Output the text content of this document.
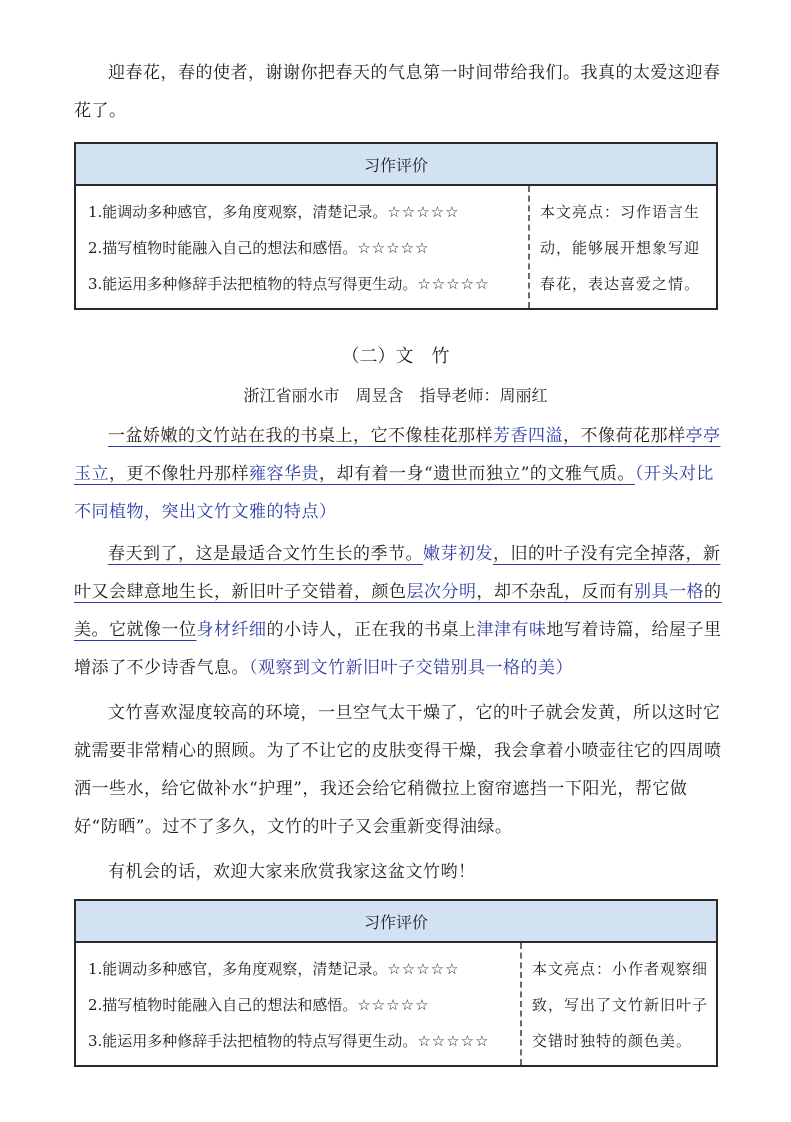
迎春花，春的使者，谢谢你把春天的气息第一时间带给我们。我真的太爱这迎春花了。

习作评价
1.能调动多种感官，多角度观察，清楚记录。☆☆☆☆☆
2.描写植物时能融入自己的想法和感悟。☆☆☆☆☆
3.能运用多种修辞手法把植物的特点写得更生动。☆☆☆☆☆
本文亮点：习作语言生动，能够展开想象写迎春花，表达喜爱之情。
（二）文　竹
浙江省丽水市　周昱含　指导老师：周丽红

一盆娇嫩的文竹站在我的书桌上，它不像桂花那样芳香四溢，不像荷花那样亭亭玉立，更不像牡丹那样雍容华贵，却有着一身“遗世而独立”的文雅气质。（开头对比不同植物，突出文竹文雅的特点）

春天到了，这是最适合文竹生长的季节。嫩芽初发，旧的叶子没有完全掉落，新叶又会肆意地生长，新旧叶子交错着，颜色层次分明，却不杂乱，反而有别具一格的美。它就像一位身材纤细的小诗人，正在我的书桌上津津有味地写着诗篇，给屋子里增添了不少诗香气息。（观察到文竹新旧叶子交错别具一格的美）

文竹喜欢湿度较高的环境，一旦空气太干燥了，它的叶子就会发黄，所以这时它就需要非常精心的照顾。为了不让它的皮肤变得干燥，我会拿着小喷壶往它的四周喷洒一些水，给它做补水“护理”，我还会给它稍微拉上窗帘遮挡一下阳光，帮它做好“防晒”。过不了多久，文竹的叶子又会重新变得油绿。

有机会的话，欢迎大家来欣赏我家这盆文竹哟！

习作评价
1.能调动多种感官，多角度观察，清楚记录。☆☆☆☆☆
2.描写植物时能融入自己的想法和感悟。☆☆☆☆☆
3.能运用多种修辞手法把植物的特点写得更生动。☆☆☆☆☆
本文亮点：小作者观察细致，写出了文竹新旧叶子交错时独特的颜色美。
